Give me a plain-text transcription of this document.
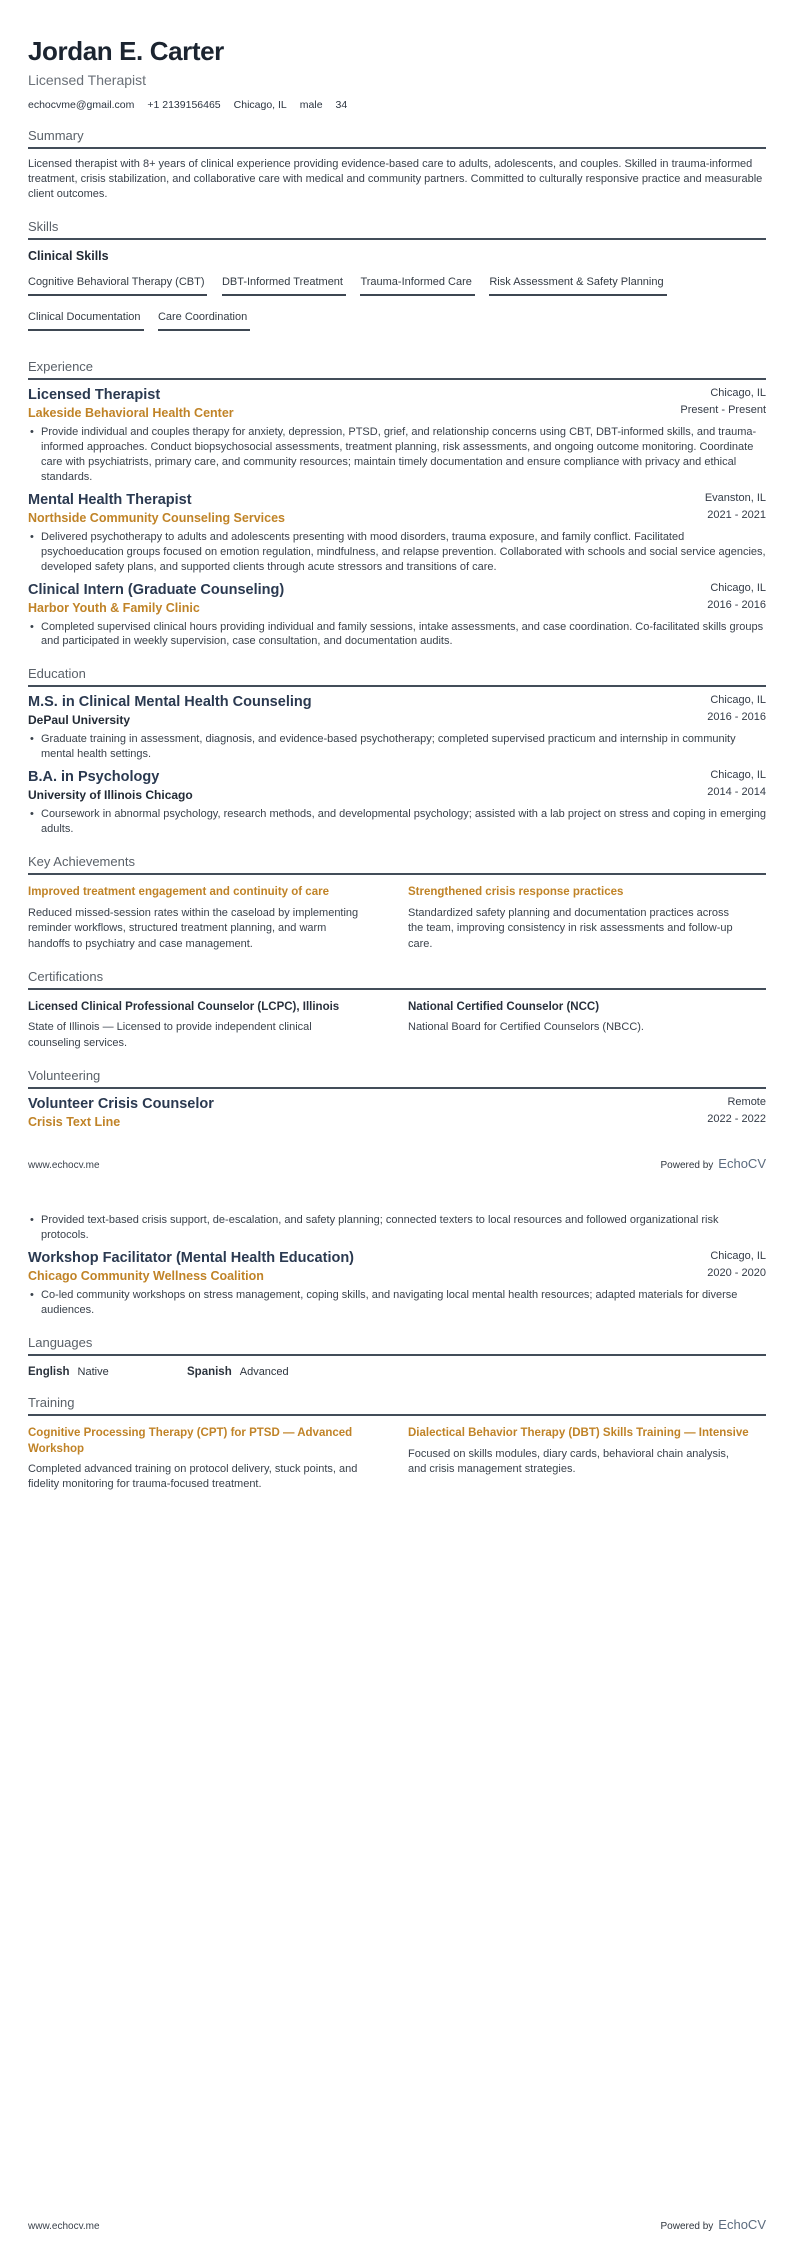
Jordan E. Carter
Licensed Therapist
echocvme@gmail.com +1 2139156465 Chicago, IL male 34
Summary

Licensed therapist with 8+ years of clinical experience providing evidence-based care to adults, adolescents, and couples. Skilled in trauma-informed treatment, crisis stabilization, and collaborative care with medical and community partners. Committed to culturally responsive practice and measurable client outcomes.

Skills
Clinical Skills
Cognitive Behavioral Therapy (CBT) DBT-Informed Treatment Trauma-Informed Care Risk Assessment & Safety Planning
Clinical Documentation Care Coordination
Experience
Licensed Therapist
Lakeside Behavioral Health Center
Chicago, IL
Present - Present
• Provide individual and couples therapy for anxiety, depression, PTSD, grief, and relationship concerns using CBT, DBT-informed skills, and trauma-informed approaches. Conduct biopsychosocial assessments, treatment planning, risk assessments, and ongoing outcome monitoring. Coordinate care with psychiatrists, primary care, and community resources; maintain timely documentation and ensure compliance with privacy and ethical standards.
Mental Health Therapist
Northside Community Counseling Services
Evanston, IL
2021 - 2021
• Delivered psychotherapy to adults and adolescents presenting with mood disorders, trauma exposure, and family conflict. Facilitated psychoeducation groups focused on emotion regulation, mindfulness, and relapse prevention. Collaborated with schools and social service agencies, developed safety plans, and supported clients through acute stressors and transitions of care.
Clinical Intern (Graduate Counseling)
Harbor Youth & Family Clinic
Chicago, IL
2016 - 2016
• Completed supervised clinical hours providing individual and family sessions, intake assessments, and case coordination. Co-facilitated skills groups and participated in weekly supervision, case consultation, and documentation audits.
Education
M.S. in Clinical Mental Health Counseling
DePaul University
Chicago, IL
2016 - 2016
• Graduate training in assessment, diagnosis, and evidence-based psychotherapy; completed supervised practicum and internship in community mental health settings.
B.A. in Psychology
University of Illinois Chicago
Chicago, IL
2014 - 2014
• Coursework in abnormal psychology, research methods, and developmental psychology; assisted with a lab project on stress and coping in emerging adults.
Key Achievements
Improved treatment engagement and continuity of care
Reduced missed-session rates within the caseload by implementing reminder workflows, structured treatment planning, and warm handoffs to psychiatry and case management.
Strengthened crisis response practices
Standardized safety planning and documentation practices across the team, improving consistency in risk assessments and follow-up care.
Certifications
Licensed Clinical Professional Counselor (LCPC), Illinois
State of Illinois — Licensed to provide independent clinical counseling services.
National Certified Counselor (NCC)
National Board for Certified Counselors (NBCC).
Volunteering
Volunteer Crisis Counselor
Crisis Text Line
Remote
2022 - 2022
www.echocv.me	Powered by EchoCV
• Provided text-based crisis support, de-escalation, and safety planning; connected texters to local resources and followed organizational risk protocols.
Workshop Facilitator (Mental Health Education)
Chicago Community Wellness Coalition
Chicago, IL
2020 - 2020
• Co-led community workshops on stress management, coping skills, and navigating local mental health resources; adapted materials for diverse audiences.
Languages
English Native	Spanish Advanced
Training
Cognitive Processing Therapy (CPT) for PTSD — Advanced Workshop
Completed advanced training on protocol delivery, stuck points, and fidelity monitoring for trauma-focused treatment.
Dialectical Behavior Therapy (DBT) Skills Training — Intensive
Focused on skills modules, diary cards, behavioral chain analysis, and crisis management strategies.
www.echocv.me	Powered by EchoCV
